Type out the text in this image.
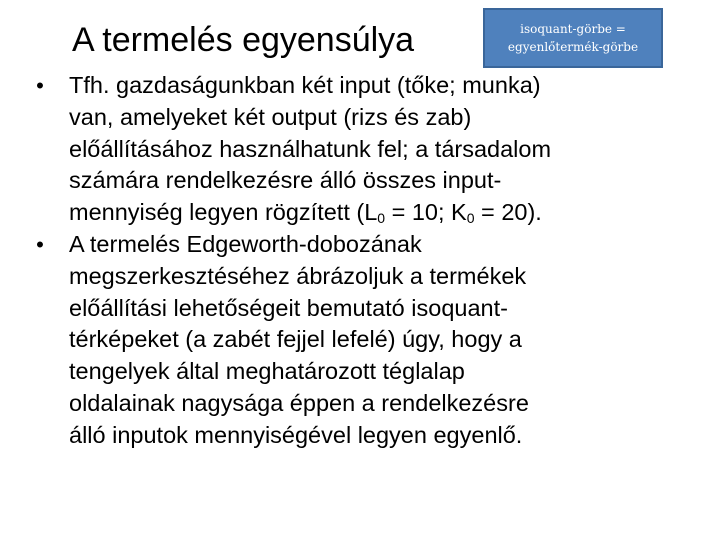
A termelés egyensúlya	isoquant-görbe =
egyenlőtermék-görbe
•	Tfh. gazdaságunkban két input (tőke; munka)
van, amelyeket két output (rizs és zab)
előállításához használhatunk fel; a társadalom
számára rendelkezésre álló összes input-
mennyiség legyen rögzített ($L_0 = 10$; $K_0 = 20$).
•	A termelés Edgeworth-dobozának
megszerkesztéséhez ábrázoljuk a termékek
előállítási lehetőségeit bemutató isoquant-
térképeket (a zabét fejjel lefelé) úgy, hogy a
tengelyek által meghatározott téglalap
oldalainak nagysága éppen a rendelkezésre
álló inputok mennyiségével legyen egyenlő.
